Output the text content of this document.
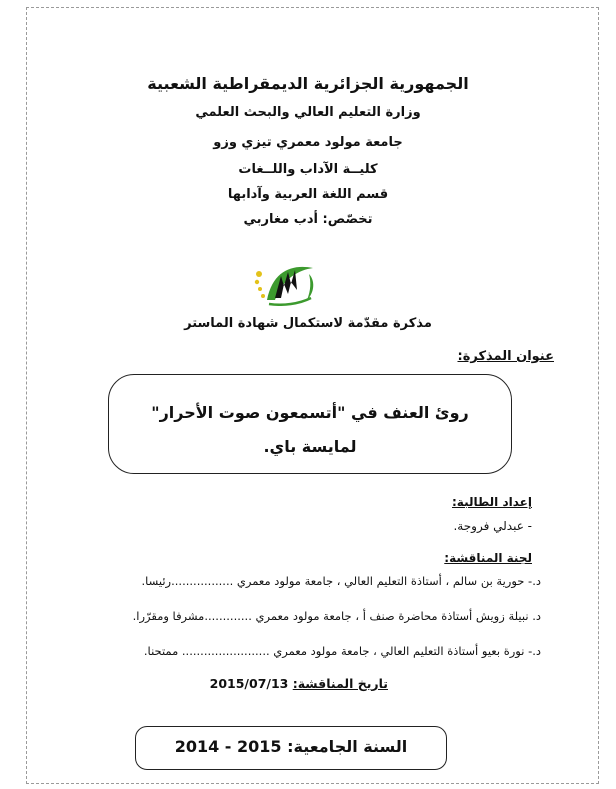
الجمهورية الجزائرية الديمقراطية الشعبية
وزارة التعليم العالي والبحث العلمي
جامعة مولود معمري تيزي وزو
كليــة الآداب واللــغات
قسم اللغة العربية وآدابها
تخصّص: أدب مغاربي
مذكرة مقدّمة لاستكمال شهادة الماستر
عنوان المذكرة:
روئ العنف في "أتسمعون صوت الأحرار"
لمايسة باي.
إعداد الطالبة:
- عبدلي فروجة.
لجنة المناقشة:
د.- حورية بن سالم ، أستاذة التعليم العالي ، جامعة مولود معمري .................رئيسا.
د. نبيلة زويش أستاذة محاضرة صنف أ ، جامعة مولود معمري .............مشرفا ومقرّرا.
د.- نورة بعيو أستاذة التعليم العالي ، جامعة مولود معمري ........................ ممتحنا.
تاريخ المناقشة: 2015/07/13
السنة الجامعية: 2014 - 2015
